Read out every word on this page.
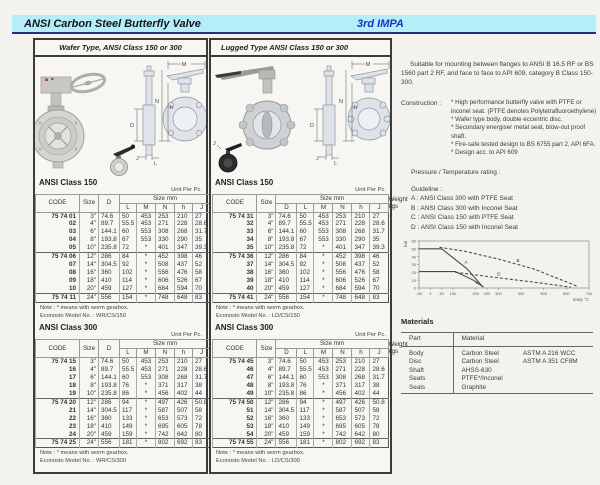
ANSI Carbon Steel Butterfly Valve	3rd IMPA
Wafer Type, ANSI Class 150 or 300
D
J
L
M
N
h
ANSI Class 150
Unit Per Pc.
CODE	Size	D	Size mm	

			L	M	N	h	J	
75 74 01	3"	74.6	50	453	253	210	27	
02	4"	89.7	55.5	453	271	228	28.6	
03	6"	144.1	60	553	308	268	31.7	
04	8"	193.8	67	553	330	290	35	
05	10"	235.8	72	*	401	347	39.3	
75 74 06	12"	286	84	*	452	398	46	
07	14"	304.5	92	*	508	437	52	
08	16"	360	102	*	556	476	58	
09	18"	410	114	*	606	526	67	
10	20"	459	127	*	684	594	70	
75 74 11	24"	556	154	*	748	648	83	
Note : * means with worm gearbox.
Econosto Model No. : WR/CS/150
ANSI Class 300
Unit Per Pc.
CODE	Size	D	Size mm	

			L	M	N	h	J	
75 74 15	3"	74.6	50	453	253	210	27	
16	4"	89.7	55.5	453	271	228	28.6	
17	6"	144.1	60	553	308	268	31.7	
18	8"	193.8	76	*	371	317	38	
19	10"	235.8	86	*	456	402	44	
75 74 20	12"	286	94	*	497	426	50.8	
21	14"	304.5	117	*	587	507	58	
22	16"	360	133	*	653	573	72	
23	18"	410	149	*	695	605	78	
24	20"	459	159	*	742	642	80	
75 74 25	24"	556	181	*	802	692	83	
Note : * means with worm gearbox.
Econosto Model No. : WR/CS/300
Lugged Type ANSI Class 150 or 300
J
D
J
L
M
N
h
ANSI Class 150
Unit Per Pc.
CODE	Size	Size mm						Weight
kgs
		D	L	M	N	h	J	
75 74 31	3"	74.6	50	453	253	210	27	
32	4"	89.7	55.5	453	271	228	28.6	
33	6"	144.1	60	553	308	268	31.7	
34	8"	193.8	67	553	330	290	35	
35	10"	235.8	72	*	401	347	39.3	
75 74 36	12"	286	84	*	452	398	46	
37	14"	304.5	92	*	508	437	52	
38	16"	360	102	*	556	476	58	
39	18"	410	114	*	606	526	67	
40	20"	459	127	*	684	594	70	
75 74 41	24"	556	154	*	748	648	83	
Note : * means with worm gearbox.
Econosto Model No. : LD/CS/150
ANSI Class 300
Unit Per Pc.
CODE	Size	Size mm						Weight
kgs
		D	L	M	N	h	J	
75 74 45	3"	74.6	50	453	253	210	27	
46	4"	89.7	55.5	453	271	228	28.6	
47	6"	144.1	60	553	308	268	31.7	
48	8"	193.8	76	*	371	317	38	
49	10"	235.8	86	*	456	402	44	
75 74 50	12"	286	94	*	497	426	50.8	
51	14"	304.5	117	*	587	507	58	
52	16"	360	133	*	653	573	72	
53	18"	410	149	*	695	605	78	
54	20"	459	159	*	742	642	80	
75 74 55	24"	556	181	*	802	692	83	
Note : * means with worm gearbox.
Econosto Model No. : LD/CS/300
Suitable for mounting between flanges to ANSI B 16.5 RF or BS 1560 part 2 RF, and face to face to API 609, category B Class 150-300.
Construction :	* High performance butterfly valve with PTFE or inconel seat. (PTFE denotes Polytetrafluoroethylene)
* Wafer type body, double eccentric disc.
* Secondary energiser metal seat, blow-out proof shaft.
* Fire-safe tested design to BS 6755 part 2, API 6FA.
* Design acc. to API 609
Pressure / Temperature rating :
Guideline :
A : ANSI Class 300 with PTFE Seat
B : ANSI Class 300 with Inconel Seat
C : ANSI Class 150 with PTFE Seat
D : ANSI Class 150 with Inconel Seat
0
10
20
30
40
50
60
-50 0 50 100	200 250 300	400	500	600	700
temp °C
bar
A	B
C
D
Materials
Part	Material	
Body	Carbon Steel	ASTM A 216 WCC
Disc	Carbon Steel	ASTM A 351 CF8M
Shaft	AHSS-630	
Seats	PTFE*/Inconel	
Seals	Graphite	
